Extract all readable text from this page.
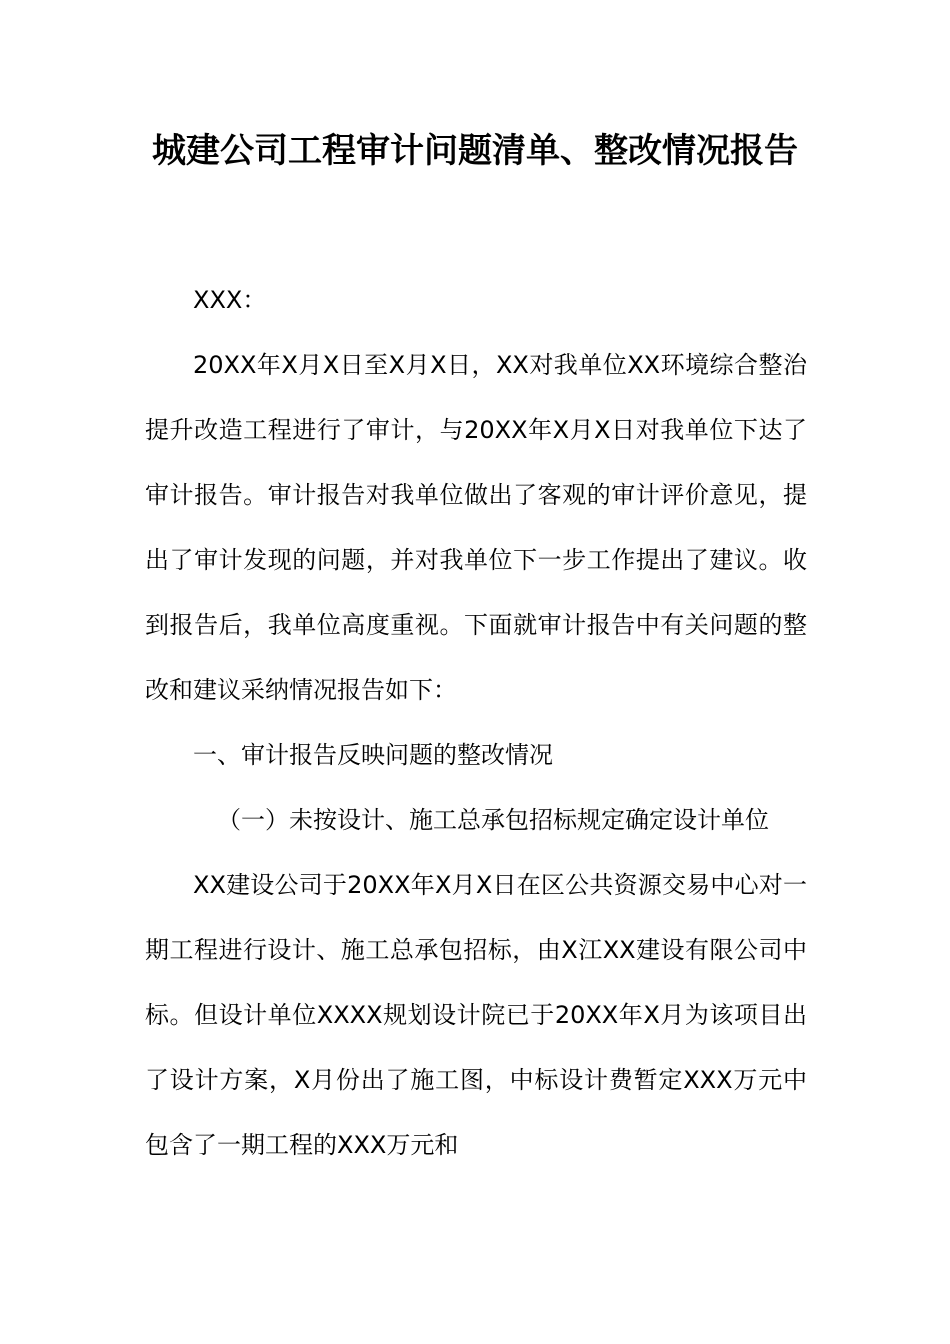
城建公司工程审计问题清单、整改情况报告

XXX：

20XX年X月X日至X月X日，XX对我单位XX环境综合整治提升改造工程进行了审计，与20XX年X月X日对我单位下达了审计报告。审计报告对我单位做出了客观的审计评价意见，提出了审计发现的问题，并对我单位下一步工作提出了建议。收到报告后，我单位高度重视。下面就审计报告中有关问题的整改和建议采纳情况报告如下：

一、审计报告反映问题的整改情况

（一）未按设计、施工总承包招标规定确定设计单位

XX建设公司于20XX年X月X日在区公共资源交易中心对一期工程进行设计、施工总承包招标，由X江XX建设有限公司中标。但设计单位XXXX规划设计院已于20XX年X月为该项目出了设计方案，X月份出了施工图，中标设计费暂定XXX万元中包含了一期工程的XXX万元和
